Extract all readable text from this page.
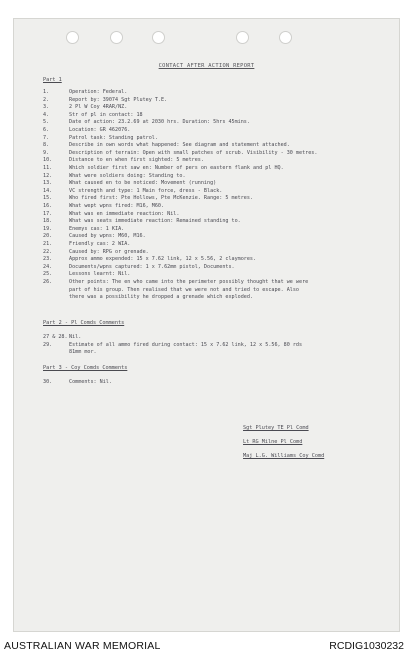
CONTACT AFTER ACTION REPORT
Part 1
1.	Operation: Federal.
2.	Report by: 39074 Sgt Plutey T.E.
3.	2 Pl W Coy 4RAR/NZ.
4.	Str of pl in contact: 18
5.	Date of action: 23.2.69 at 2030 hrs. Duration: 5hrs 45mins.
6.	Location: GR 462076.
7.	Patrol task: Standing patrol.
8.	Describe in own words what happened: See diagram and statement attached.
9.	Description of terrain: Open with small patches of scrub. Visibility - 30 metres.
10.	Distance to en when first sighted: 5 metres.
11.	Which soldier first saw en: Number of pers on eastern flank and pl HQ.
12.	What were soldiers doing: Standing to.
13.	What caused en to be noticed: Movement (running)
14.	VC strength and type: 1 Main force, dress - Black.
15.	Who fired first: Pte Hollows, Pte McKenzie. Range: 5 metres.
16.	What wept wpns fired: M16, M60.
17.	What was en immediate reaction: Nil.
18.	What was seats immediate reaction: Remained standing to.
19.	Enemys cas: 1 KIA.
20.	Caused by wpns: M60, M16.
21.	Friendly cas: 2 WIA.
22.	Caused by: RPG or grenade.
23.	Approx ammo expended: 15 x 7.62 link, 12 x 5.56, 2 claymores.
24.	Documents/wpns captured: 1 x 7.62mm pistol, Documents.
25.	Lessons learnt: Nil.
26.	Other points: The en who came into the perimeter possibly thought that we were
part of his group. Then realised that we were not and tried to escape. Also
there was a possibility he dropped a grenade which exploded.
Part 2 - Pl Comds Comments
27 & 28. Nil.
29.	Estimate of all ammo fired during contact: 15 x 7.62 link, 12 x 5.56, 80 rds
81mm mor.
Part 3 - Coy Comds Comments
30.	Comments: Nil.
Sgt Plutey TE Pl Comd
Lt RG Milne Pl Comd
Maj L.G. Williams Coy Comd
AUSTRALIAN WAR MEMORIAL	RCDIG1030232
